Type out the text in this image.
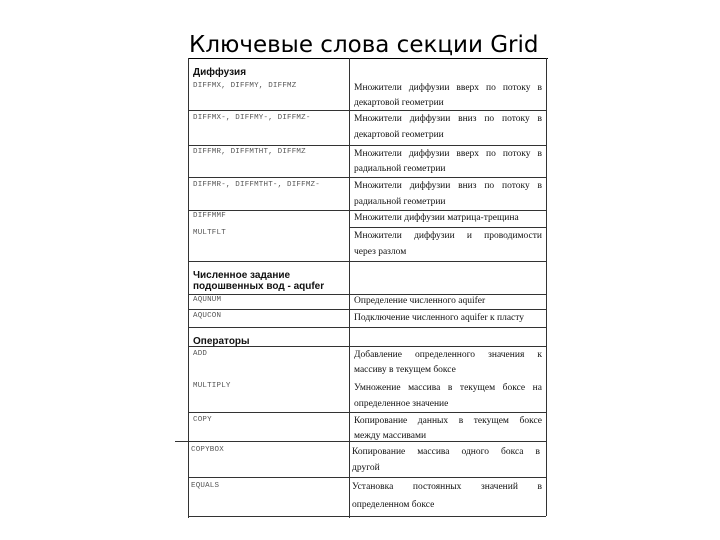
Ключевые слова секции Grid
Диффузия
DIFFMX, DIFFMY, DIFFMZ	Множители диффузии вверх по потоку в
декартовой геометрии
DIFFMX-, DIFFMY-, DIFFMZ-	Множители диффузии вниз по потоку в
декартовой геометрии
DIFFMR, DIFFMTHT, DIFFMZ	Множители диффузии вверх по потоку в
радиальной геометрии
DIFFMR-, DIFFMTHT-, DIFFMZ-	Множители диффузии вниз по потоку в
радиальной геометрии
DIFFMMF	Множители диффузии матрица-трещина
MULTFLT	Множители диффузии и проводимости
через разлом
Численное задание
подошвенных вод - aqufer
AQUNUM	Определение численного aquifer
AQUCON	Подключение численного aquifer к пласту
Операторы
ADD	Добавление определенного значения к
массиву в текущем боксе
MULTIPLY	Умножение массива в текущем боксе на
определенное значение
COPY	Копирование данных в текущем боксе
между массивами
COPYBOX	Копирование массива одного бокса в
другой
EQUALS	Установка постоянных значений в
определенном боксе
